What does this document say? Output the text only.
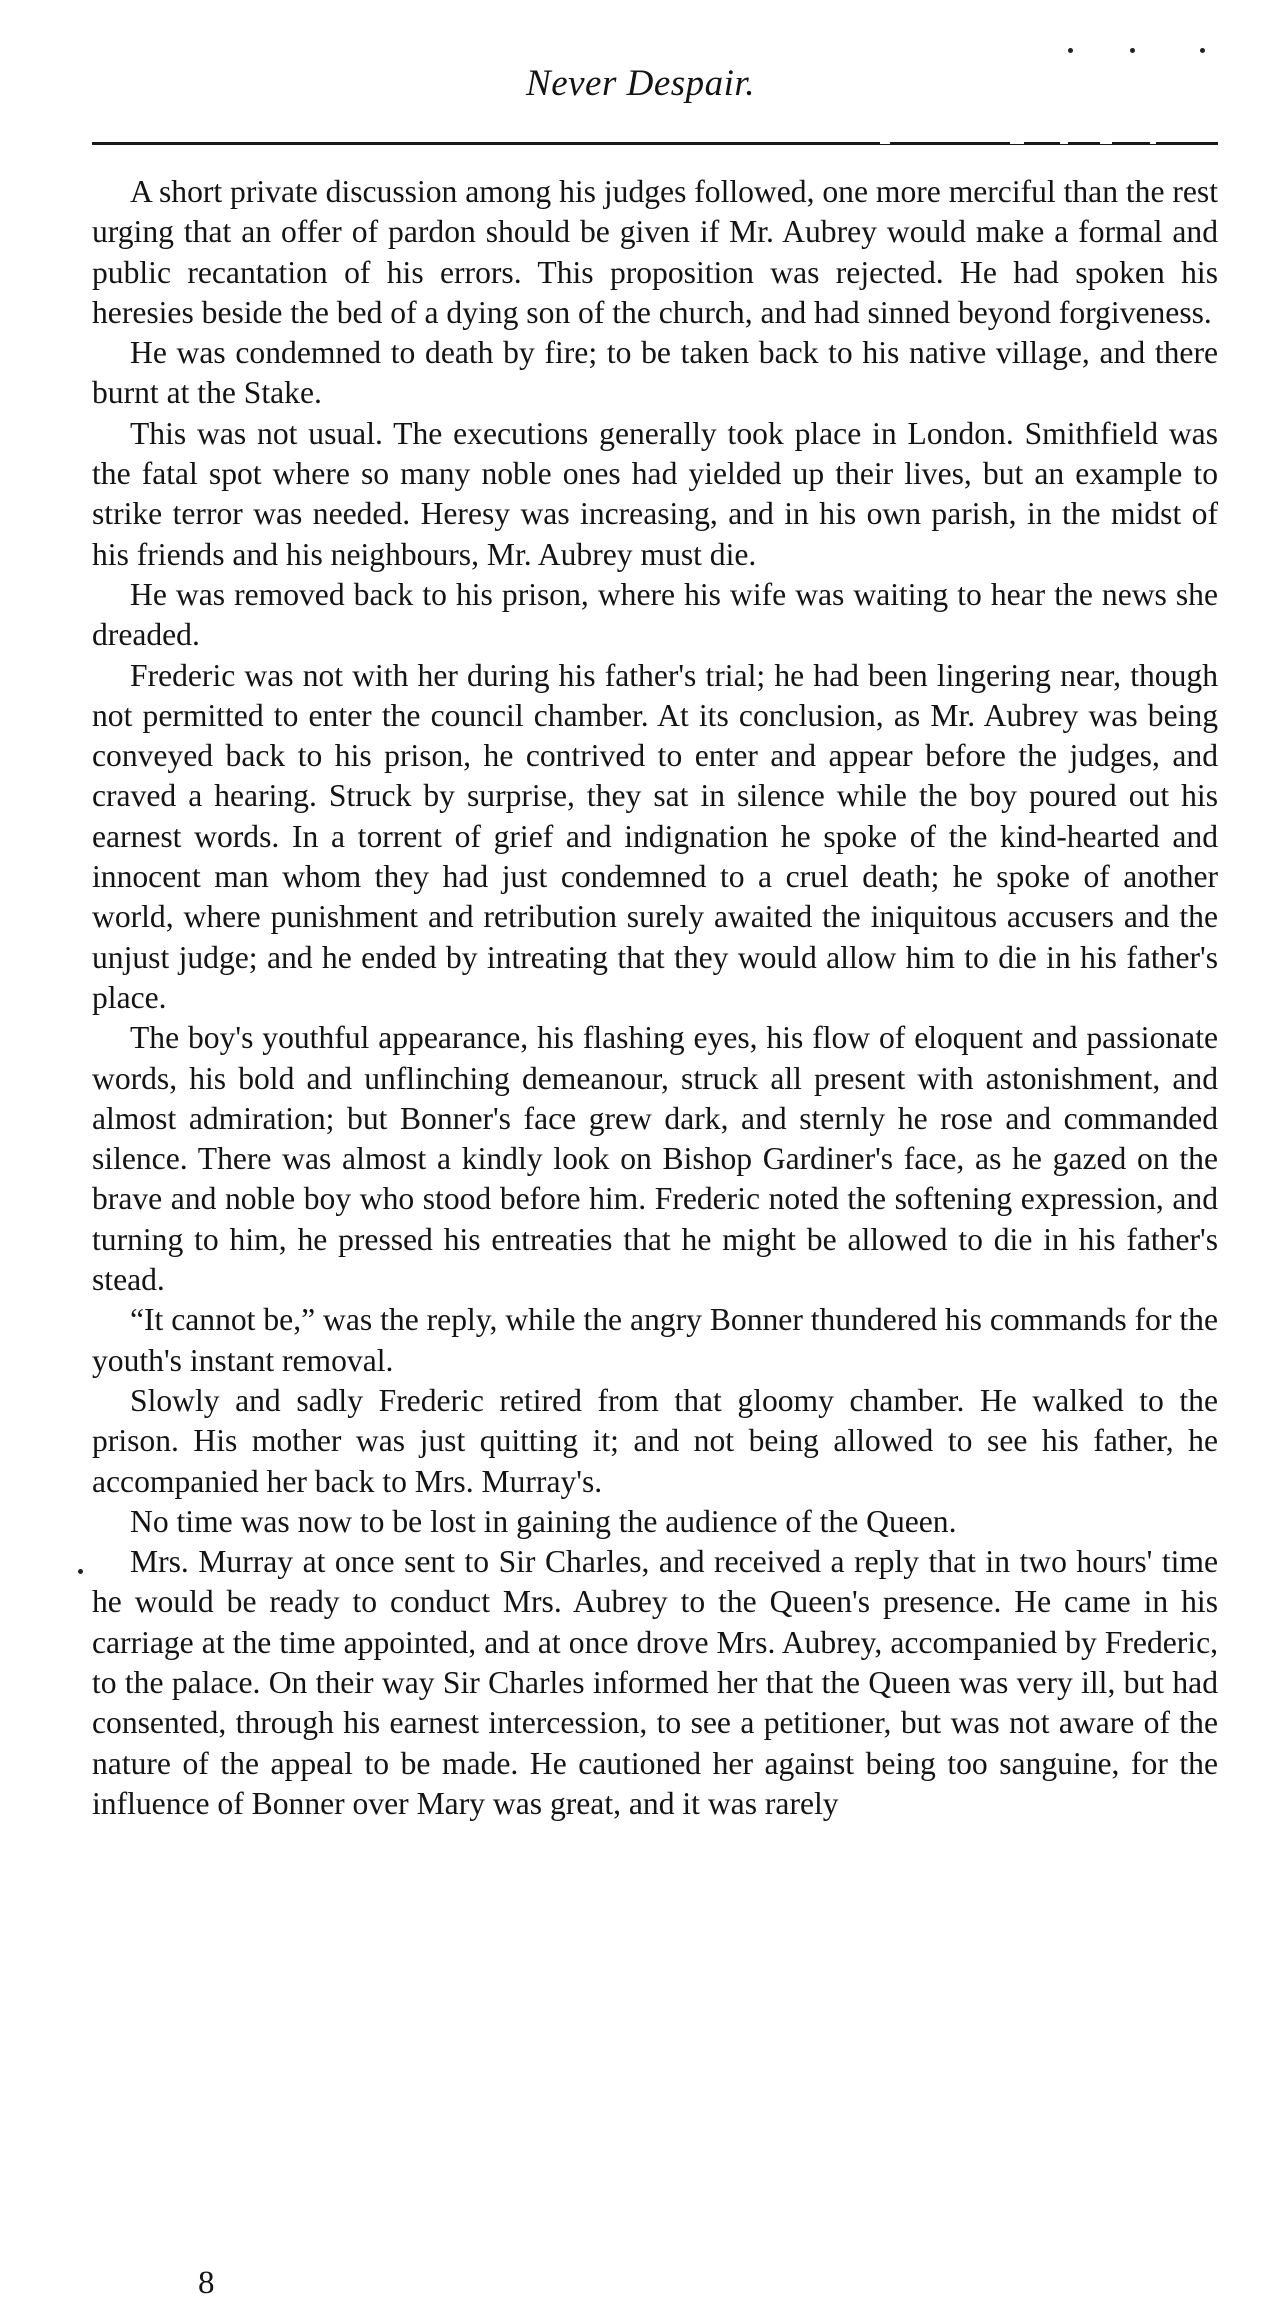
Never Despair.

A short private discussion among his judges followed, one more merciful than the rest urging that an offer of pardon should be given if Mr. Aubrey would make a formal and public recantation of his errors. This proposition was rejected. He had spoken his heresies beside the bed of a dying son of the church, and had sinned beyond forgiveness.

He was condemned to death by fire; to be taken back to his native village, and there burnt at the Stake.

This was not usual. The executions generally took place in London. Smithfield was the fatal spot where so many noble ones had yielded up their lives, but an example to strike terror was needed. Heresy was increasing, and in his own parish, in the midst of his friends and his neighbours, Mr. Aubrey must die.

He was removed back to his prison, where his wife was waiting to hear the news she dreaded.

Frederic was not with her during his father's trial; he had been lingering near, though not permitted to enter the council chamber. At its conclusion, as Mr. Aubrey was being conveyed back to his prison, he contrived to enter and appear before the judges, and craved a hearing. Struck by surprise, they sat in silence while the boy poured out his earnest words. In a torrent of grief and indignation he spoke of the kind-hearted and innocent man whom they had just condemned to a cruel death; he spoke of another world, where punishment and retribution surely awaited the iniquitous accusers and the unjust judge; and he ended by intreating that they would allow him to die in his father's place.

The boy's youthful appearance, his flashing eyes, his flow of eloquent and passionate words, his bold and unflinching demeanour, struck all present with astonishment, and almost admiration; but Bonner's face grew dark, and sternly he rose and commanded silence. There was almost a kindly look on Bishop Gardiner's face, as he gazed on the brave and noble boy who stood before him. Frederic noted the softening expression, and turning to him, he pressed his entreaties that he might be allowed to die in his father's stead.

“It cannot be,” was the reply, while the angry Bonner thundered his commands for the youth's instant removal.

Slowly and sadly Frederic retired from that gloomy chamber. He walked to the prison. His mother was just quitting it; and not being allowed to see his father, he accompanied her back to Mrs. Murray's.

No time was now to be lost in gaining the audience of the Queen.

Mrs. Murray at once sent to Sir Charles, and received a reply that in two hours' time he would be ready to conduct Mrs. Aubrey to the Queen's presence. He came in his carriage at the time appointed, and at once drove Mrs. Aubrey, accompanied by Frederic, to the palace. On their way Sir Charles informed her that the Queen was very ill, but had consented, through his earnest intercession, to see a petitioner, but was not aware of the nature of the appeal to be made. He cautioned her against being too sanguine, for the influence of Bonner over Mary was great, and it was rarely

8
